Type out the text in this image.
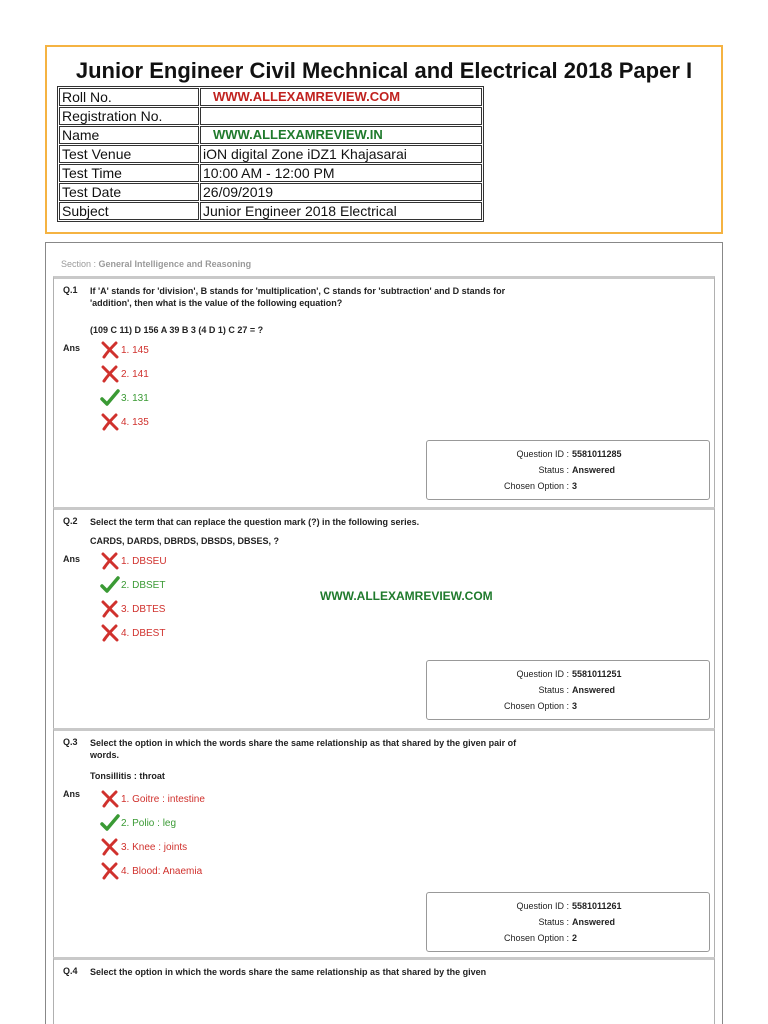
Junior Engineer Civil Mechnical and Electrical 2018 Paper I
Roll No.	WWW.ALLEXAMREVIEW.COM
Registration No.	
Name	WWW.ALLEXAMREVIEW.IN
Test Venue	iON digital Zone iDZ1 Khajasarai
Test Time	10:00 AM - 12:00 PM
Test Date	26/09/2019
Subject	Junior Engineer 2018 Electrical
Section : General Intelligence and Reasoning
Q.1 If 'A' stands for 'division', B stands for 'multiplication', C stands for 'subtraction' and D stands for 'addition', then what is the value of the following equation?
(109 C 11) D 156 A 39 B 3 (4 D 1) C 27 = ?
Ans	1. 145
2. 141
3. 131
4. 135
Question ID : 5581011285
Status : Answered
Chosen Option : 3
Q.2 Select the term that can replace the question mark (?) in the following series.
CARDS, DARDS, DBRDS, DBSDS, DBSES, ?
Ans	1. DBSEU
2. DBSET
3. DBTES
4. DBEST
Question ID : 5581011251
Status : Answered
Chosen Option : 3
WWW.ALLEXAMREVIEW.COM
Q.3 Select the option in which the words share the same relationship as that shared by the given pair of words.
Tonsillitis : throat
Ans	1. Goitre : intestine
2. Polio : leg
3. Knee : joints
4. Blood: Anaemia
Question ID : 5581011261
Status : Answered
Chosen Option : 2
Q.4 Select the option in which the words share the same relationship as that shared by the given
